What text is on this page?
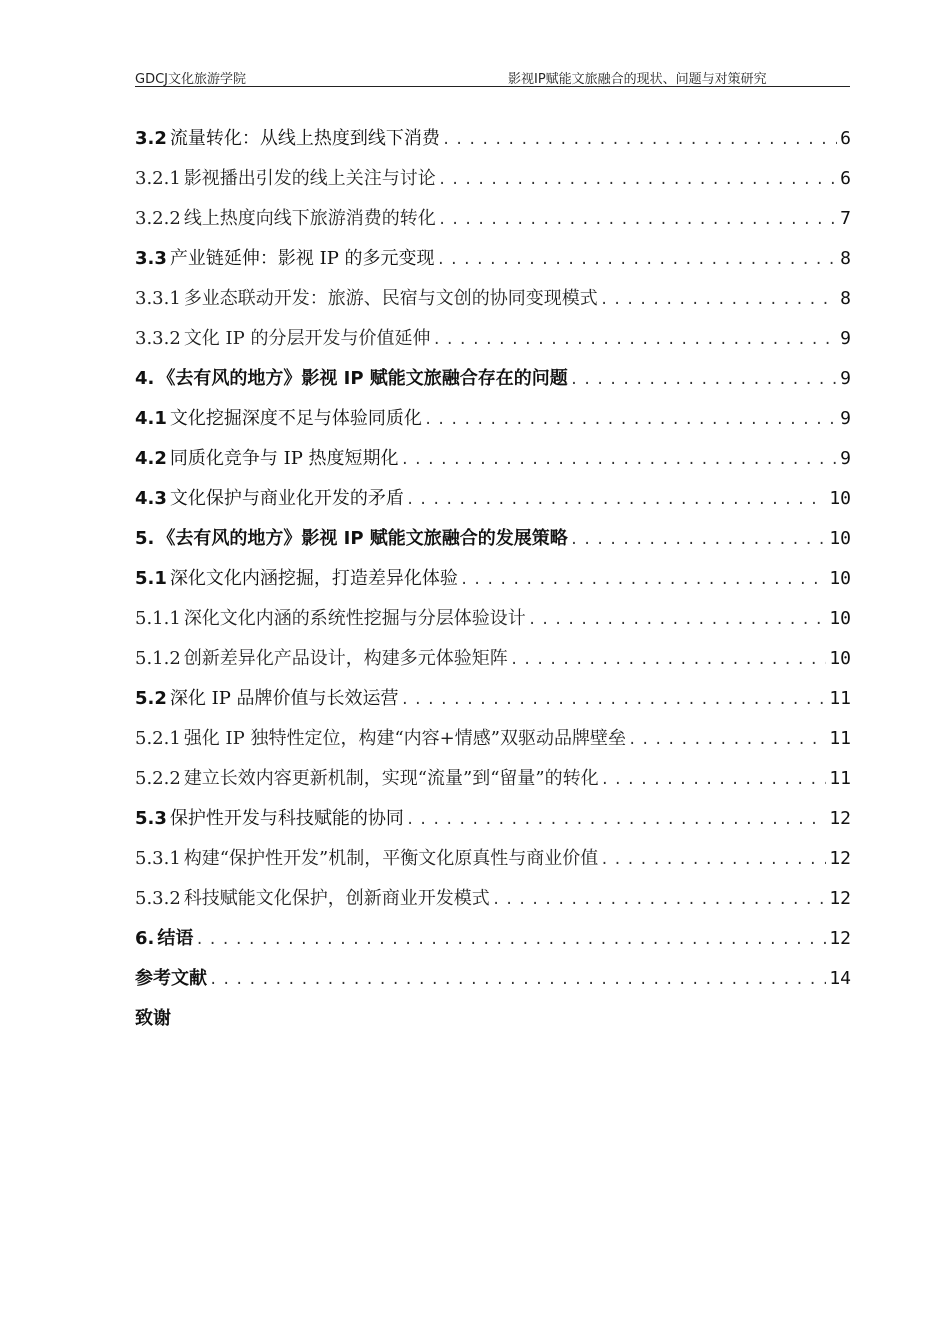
GDCJ文化旅游学院	影视IP赋能文旅融合的现状、问题与对策研究
3.2 流量转化：从线上热度到线下消费 .....	6
3.2.1 影视播出引发的线上关注与讨论 .....	6
3.2.2 线上热度向线下旅游消费的转化 .....	7
3.3 产业链延伸：影视 IP 的多元变现 .....	8
3.3.1 多业态联动开发：旅游、民宿与文创的协同变现模式 .....	8
3.3.2 文化 IP 的分层开发与价值延伸 .....	9
4. 《去有风的地方》影视 IP 赋能文旅融合存在的问题 .....	9
4.1 文化挖掘深度不足与体验同质化 .....	9
4.2 同质化竞争与 IP 热度短期化 .....	9
4.3 文化保护与商业化开发的矛盾 .....	10
5. 《去有风的地方》影视 IP 赋能文旅融合的发展策略 .....	10
5.1 深化文化内涵挖掘，打造差异化体验 .....	10
5.1.1 深化文化内涵的系统性挖掘与分层体验设计 .....	10
5.1.2 创新差异化产品设计，构建多元体验矩阵 .....	10
5.2 深化 IP 品牌价值与长效运营 .....	11
5.2.1 强化 IP 独特性定位，构建“内容+情感”双驱动品牌壁垒 .....	11
5.2.2 建立长效内容更新机制，实现“流量”到“留量”的转化 .....	11
5.3 保护性开发与科技赋能的协同 .....	12
5.3.1 构建“保护性开发”机制，平衡文化原真性与商业价值 .....	12
5.3.2 科技赋能文化保护，创新商业开发模式 .....	12
6. 结语 .....	12
参考文献 .....	14
致谢
